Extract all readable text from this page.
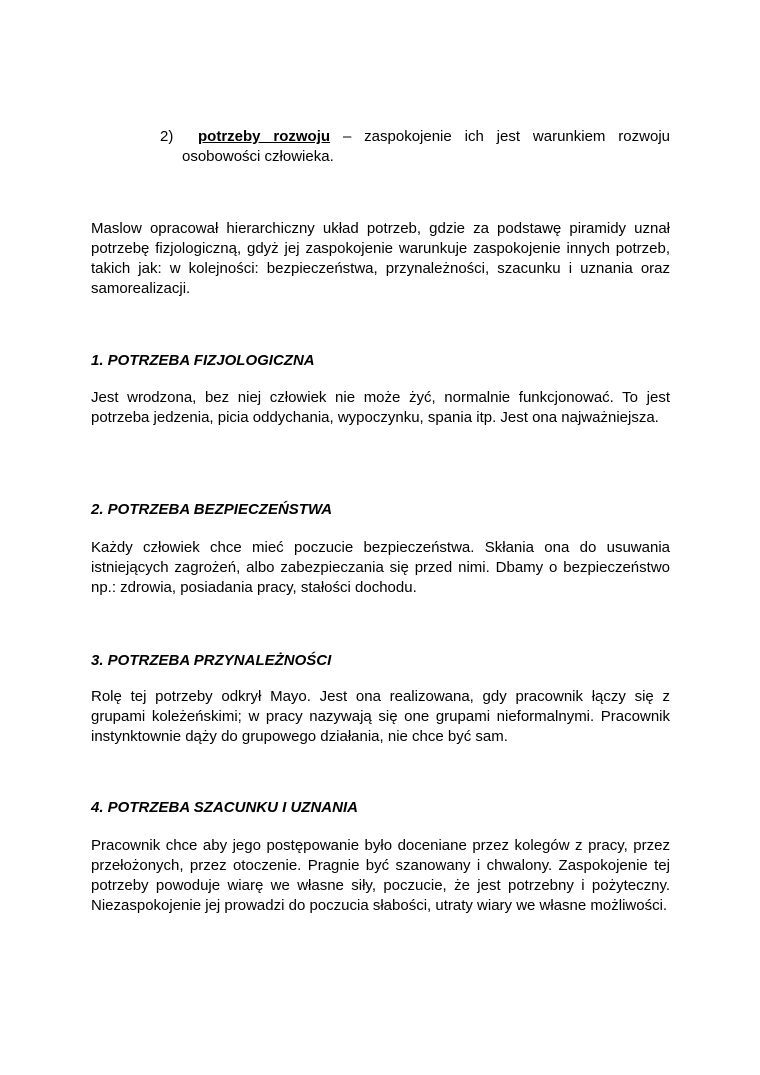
2)	potrzeby rozwoju – zaspokojenie ich jest warunkiem rozwoju
osobowości człowieka.

Maslow opracował hierarchiczny układ potrzeb, gdzie za podstawę piramidy uznał potrzebę fizjologiczną, gdyż jej zaspokojenie warunkuje zaspokojenie innych potrzeb, takich jak: w kolejności: bezpieczeństwa, przynależności, szacunku i uznania oraz samorealizacji.

1. POTRZEBA FIZJOLOGICZNA

Jest wrodzona, bez niej człowiek nie może żyć, normalnie funkcjonować. To jest potrzeba jedzenia, picia oddychania, wypoczynku, spania itp. Jest ona najważniejsza.

2. POTRZEBA BEZPIECZEŃSTWA

Każdy człowiek chce mieć poczucie bezpieczeństwa. Skłania ona do usuwania istniejących zagrożeń, albo zabezpieczania się przed nimi. Dbamy o bezpieczeństwo np.: zdrowia, posiadania pracy, stałości dochodu.

3. POTRZEBA PRZYNALEŻNOŚCI

Rolę tej potrzeby odkrył Mayo. Jest ona realizowana, gdy pracownik łączy się z grupami koleżeńskimi; w pracy nazywają się one grupami nieformalnymi. Pracownik instynktownie dąży do grupowego działania, nie chce być sam.

4. POTRZEBA SZACUNKU I UZNANIA

Pracownik chce aby jego postępowanie było doceniane przez kolegów z pracy, przez przełożonych, przez otoczenie. Pragnie być szanowany i chwalony. Zaspokojenie tej potrzeby powoduje wiarę we własne siły, poczucie, że jest potrzebny i pożyteczny. Niezaspokojenie jej prowadzi do poczucia słabości, utraty wiary we własne możliwości.
